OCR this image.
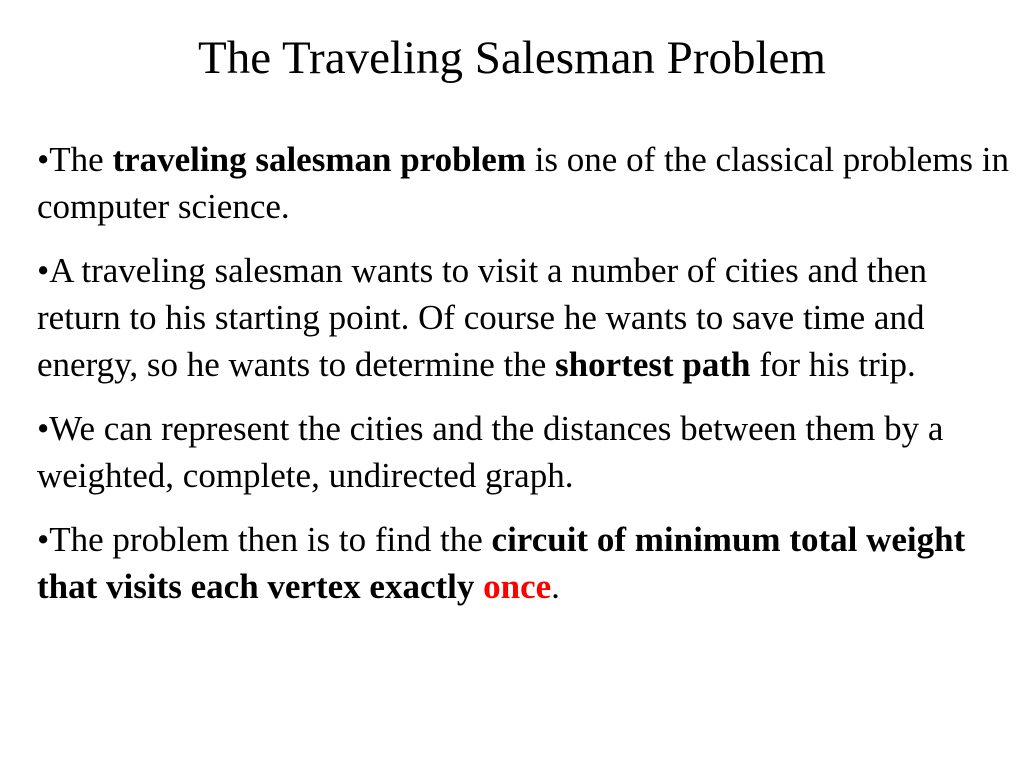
The Traveling Salesman Problem
•The traveling salesman problem is one of the classical problems in computer science.
•A traveling salesman wants to visit a number of cities and then return to his starting point. Of course he wants to save time and energy, so he wants to determine the shortest path for his trip.
•We can represent the cities and the distances between them by a weighted, complete, undirected graph.
•The problem then is to find the circuit of minimum total weight that visits each vertex exactly once.
